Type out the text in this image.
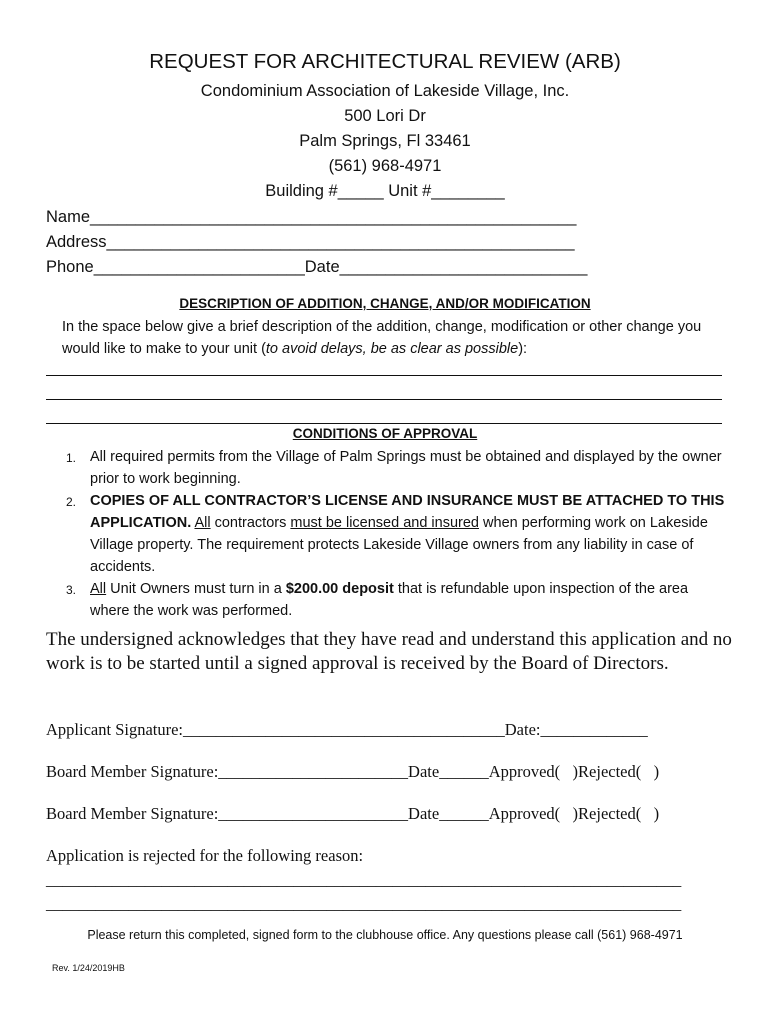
REQUEST FOR ARCHITECTURAL REVIEW (ARB)
Condominium Association of Lakeside Village, Inc.
500 Lori Dr
Palm Springs, Fl 33461
(561) 968-4971
Building #_____ Unit #________
Name_____________________________________________________
Address___________________________________________________
Phone_______________________Date___________________________
DESCRIPTION OF ADDITION, CHANGE, AND/OR MODIFICATION
In the space below give a brief description of the addition, change, modification or other change you would like to make to your unit (to avoid delays, be as clear as possible):
CONDITIONS OF APPROVAL
1. All required permits from the Village of Palm Springs must be obtained and displayed by the owner prior to work beginning.
2. COPIES OF ALL CONTRACTOR’S LICENSE AND INSURANCE MUST BE ATTACHED TO THIS APPLICATION. All contractors must be licensed and insured when performing work on Lakeside Village property. The requirement protects Lakeside Village owners from any liability in case of accidents.
3. All Unit Owners must turn in a $200.00 deposit that is refundable upon inspection of the area where the work was performed.
The undersigned acknowledges that they have read and understand this application and no work is to be started until a signed approval is received by the Board of Directors.
Applicant Signature:_______________________________________Date:_____________
Board Member Signature:_______________________Date______Approved(   )Rejected(   )
Board Member Signature:_______________________Date______Approved(   )Rejected(   )
Application is rejected for the following reason:
_____________________________________________________________________________
_____________________________________________________________________________
Please return this completed, signed form to the clubhouse office. Any questions please call (561) 968-4971
Rev. 1/24/2019HB
